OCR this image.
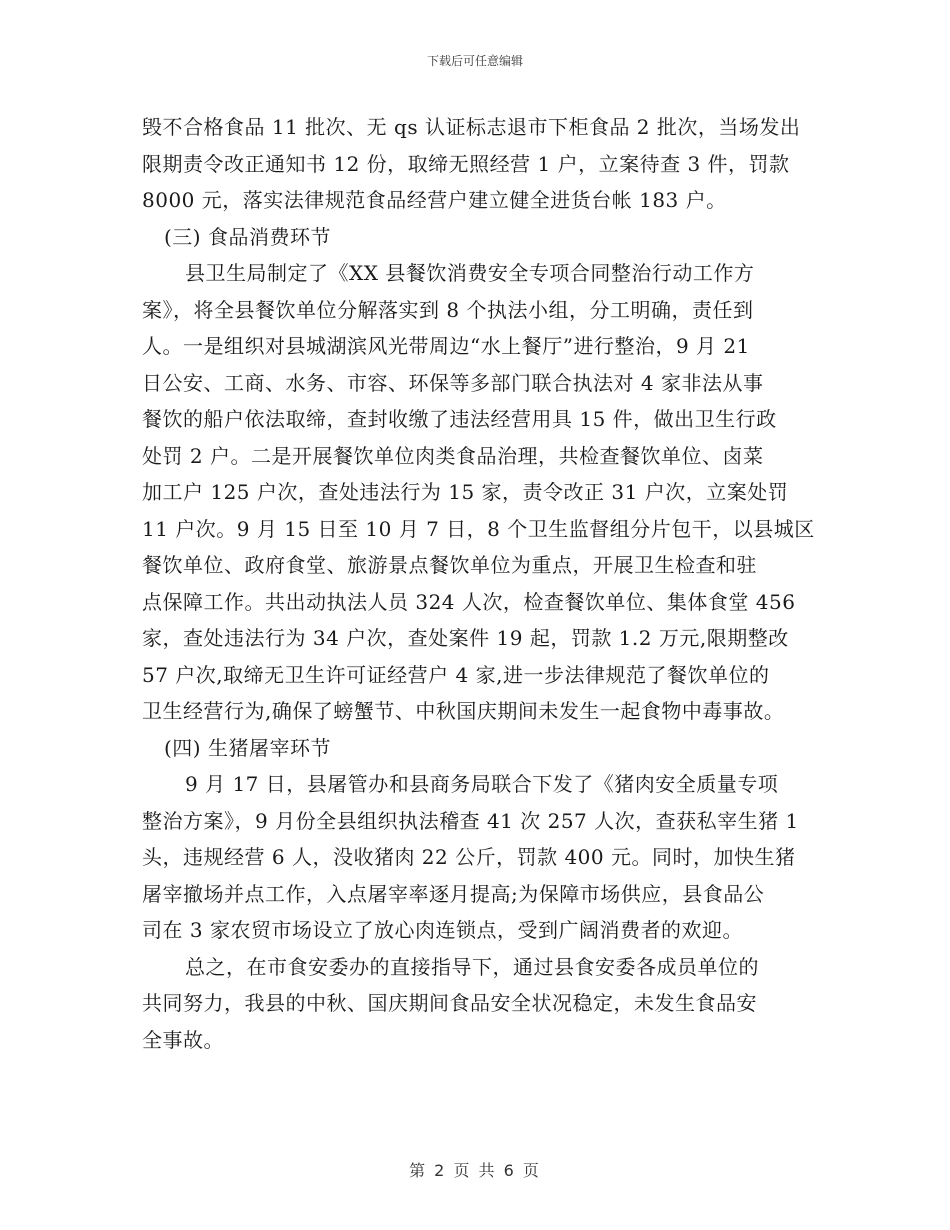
下载后可任意编辑
毁不合格食品 11 批次、无 qs 认证标志退市下柜食品 2 批次，当场发出
限期责令改正通知书 12 份，取缔无照经营 1 户，立案待查 3 件，罚款
8000 元，落实法律规范食品经营户建立健全进货台帐 183 户。
(三) 食品消费环节
县卫生局制定了《XX 县餐饮消费安全专项合同整治行动工作方
案》，将全县餐饮单位分解落实到 8 个执法小组，分工明确，责任到
人。一是组织对县城湖滨风光带周边“水上餐厅”进行整治，9 月 21
日公安、工商、水务、市容、环保等多部门联合执法对 4 家非法从事
餐饮的船户依法取缔，查封收缴了违法经营用具 15 件，做出卫生行政
处罚 2 户。二是开展餐饮单位肉类食品治理，共检查餐饮单位、卤菜
加工户 125 户次，查处违法行为 15 家，责令改正 31 户次，立案处罚
11 户次。9 月 15 日至 10 月 7 日，8 个卫生监督组分片包干，以县城区
餐饮单位、政府食堂、旅游景点餐饮单位为重点，开展卫生检查和驻
点保障工作。共出动执法人员 324 人次，检查餐饮单位、集体食堂 456
家，查处违法行为 34 户次，查处案件 19 起，罚款 1.2 万元,限期整改
57 户次,取缔无卫生许可证经营户 4 家,进一步法律规范了餐饮单位的
卫生经营行为,确保了螃蟹节、中秋国庆期间未发生一起食物中毒事故。
(四) 生猪屠宰环节
9 月 17 日，县屠管办和县商务局联合下发了《猪肉安全质量专项
整治方案》，9 月份全县组织执法稽查 41 次 257 人次，查获私宰生猪 1
头，违规经营 6 人，没收猪肉 22 公斤，罚款 400 元。同时，加快生猪
屠宰撤场并点工作，入点屠宰率逐月提高;为保障市场供应，县食品公
司在 3 家农贸市场设立了放心肉连锁点，受到广阔消费者的欢迎。
总之，在市食安委办的直接指导下，通过县食安委各成员单位的
共同努力，我县的中秋、国庆期间食品安全状况稳定，未发生食品安
全事故。
第 2 页 共 6 页
